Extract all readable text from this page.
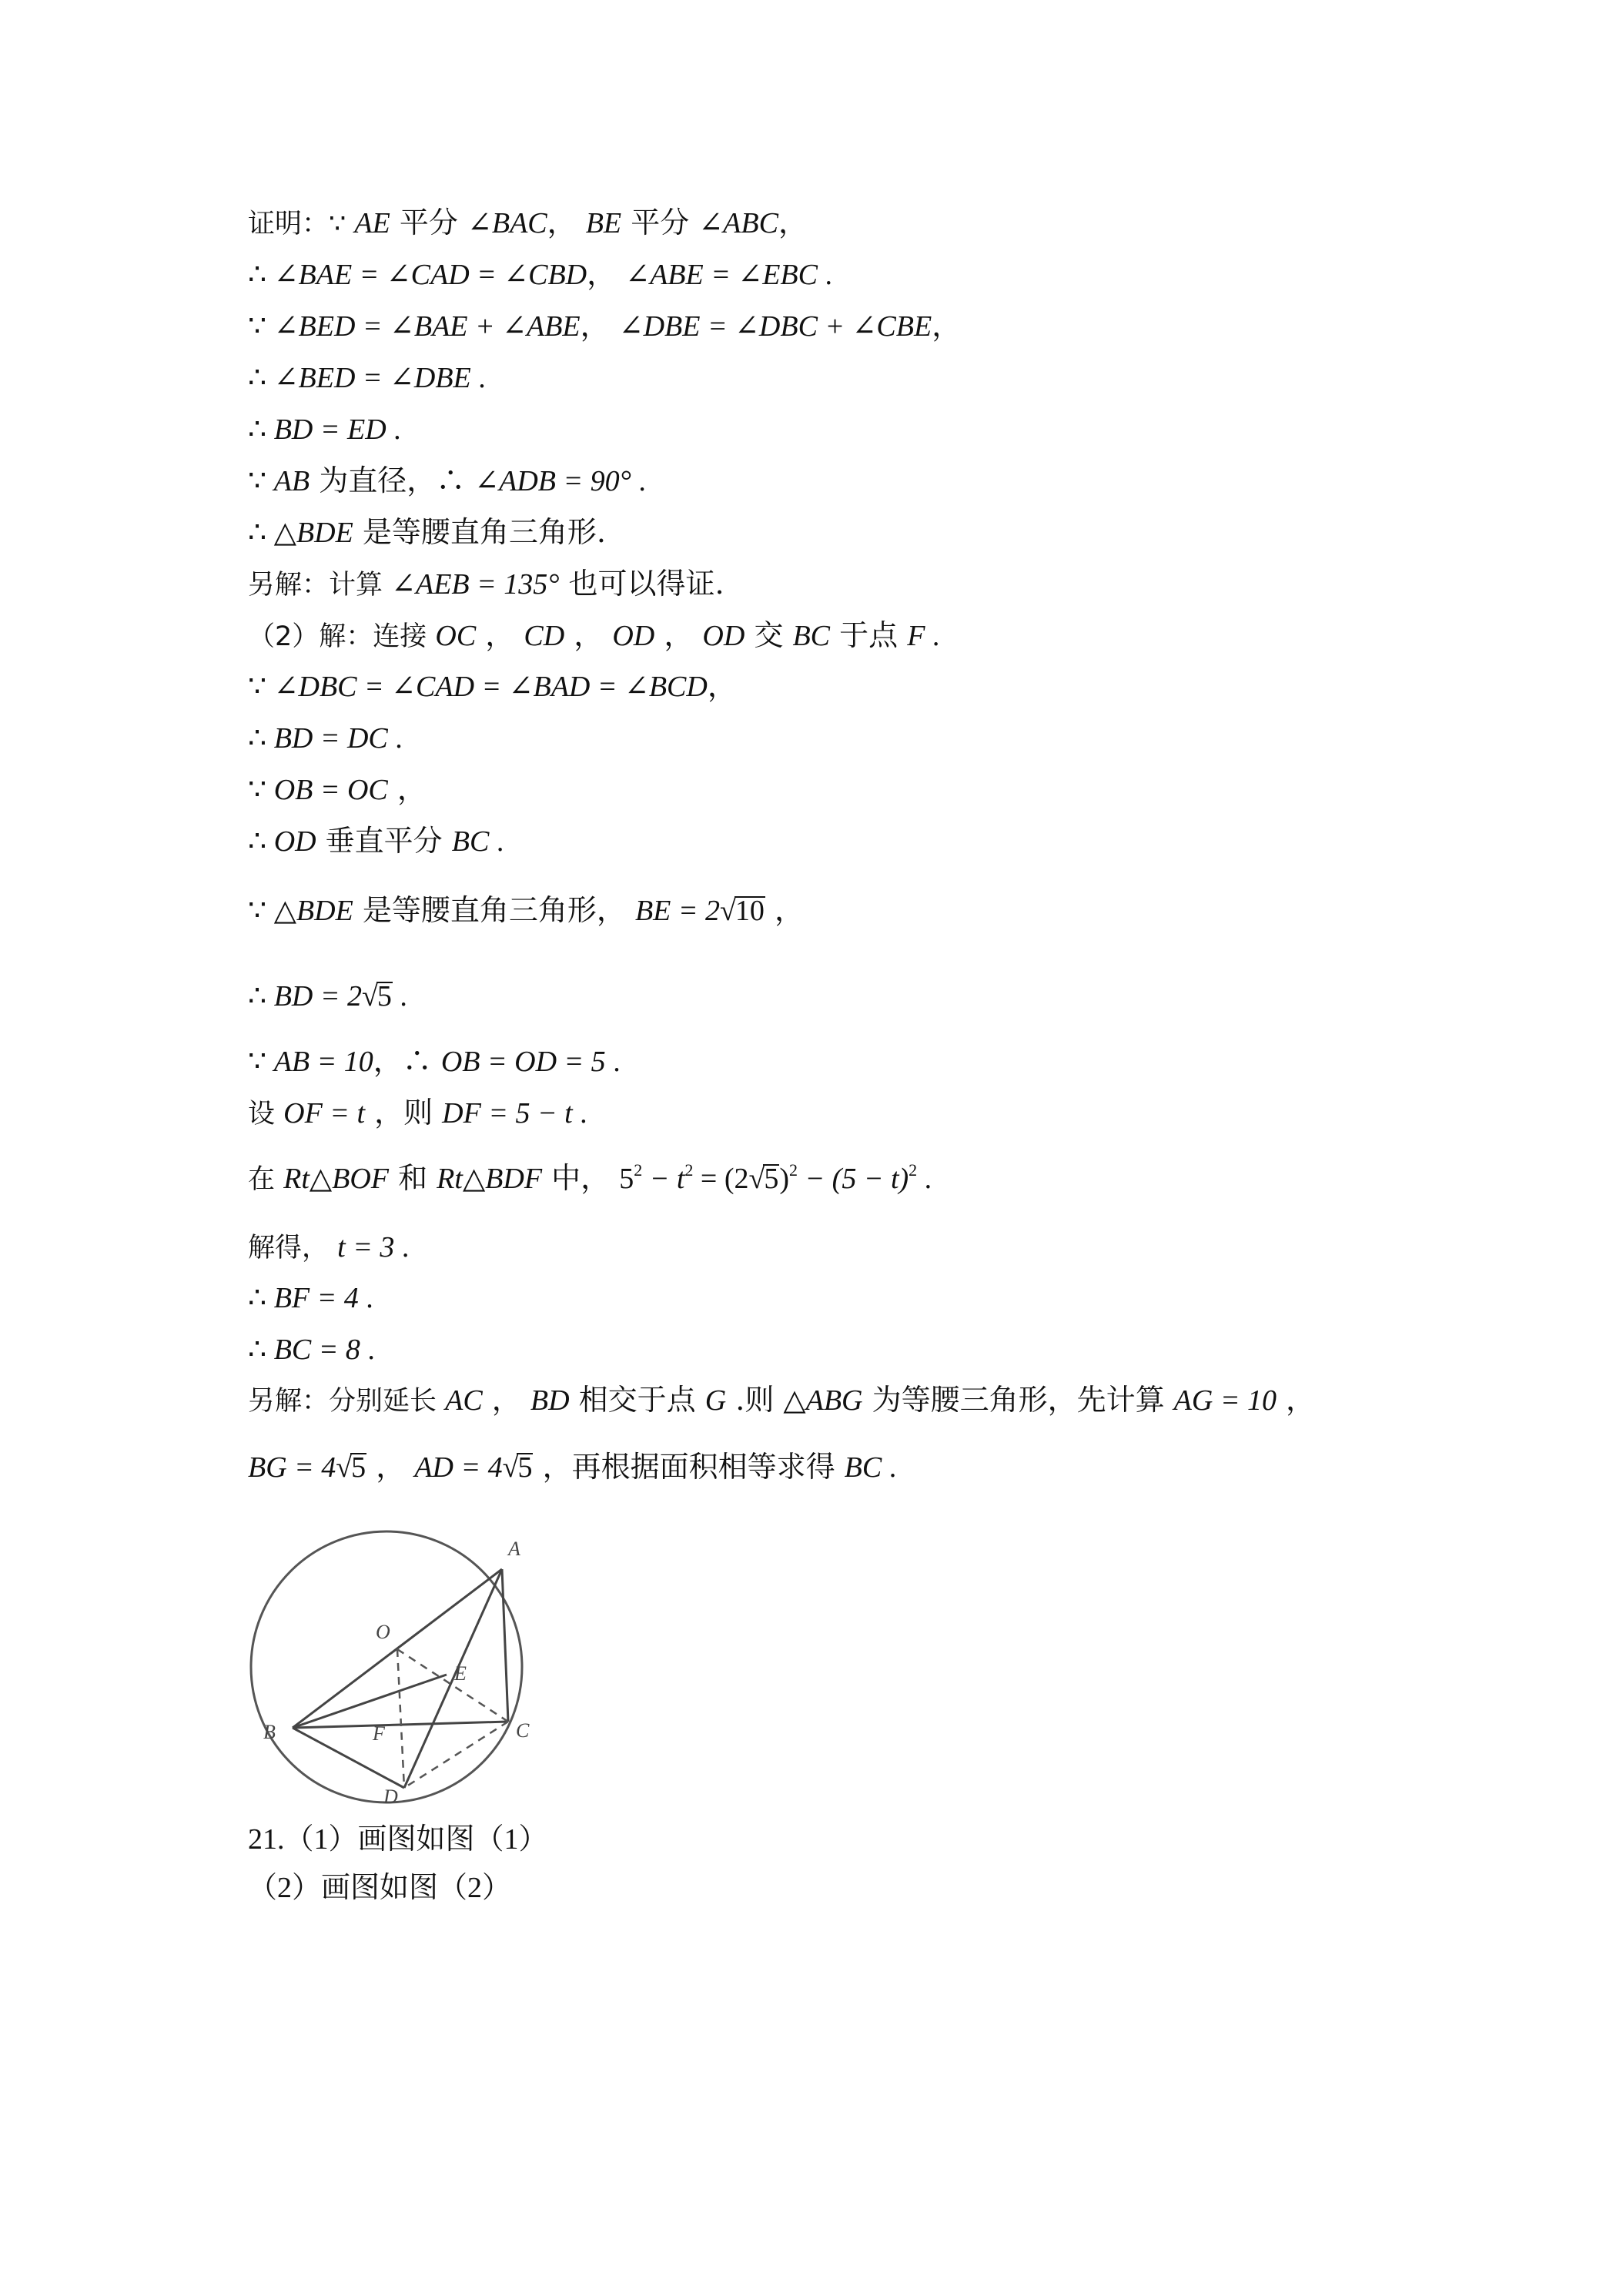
证明：∵ AE 平分 ∠BAC， BE 平分 ∠ABC，
∴ ∠BAE = ∠CAD = ∠CBD， ∠ABE = ∠EBC .
∵ ∠BED = ∠BAE + ∠ABE， ∠DBE = ∠DBC + ∠CBE，
∴ ∠BED = ∠DBE .
∴ BD = ED .
∵ AB 为直径，∴ ∠ADB = 90° .
∴ △BDE 是等腰直角三角形.
另解：计算 ∠AEB = 135° 也可以得证.
（2）解：连接 OC ， CD ， OD ， OD 交 BC 于点 F .
∵ ∠DBC = ∠CAD = ∠BAD = ∠BCD，
∴ BD = DC .
∵ OB = OC ，
∴ OD 垂直平分 BC .
∵ △BDE 是等腰直角三角形， BE = 2√10 ，
∴ BD = 2√5 .
∵ AB = 10，∴ OB = OD = 5 .
设 OF = t ，则 DF = 5 − t .
在 Rt△BOF 和 Rt△BDF 中， $5^2 - t^2 = (2√5)^2 - (5 - t)^2$ .
解得， t = 3 .
∴ BF = 4 .
∴ BC = 8 .
另解：分别延长 AC ， BD 相交于点 G .则 △ABG 为等腰三角形，先计算 AG = 10 ，
BG = 4√5 ， AD = 4√5 ，再根据面积相等求得 BC .
A
O
E
B	F	C
D
21.（1）画图如图（1）
（2）画图如图（2）
